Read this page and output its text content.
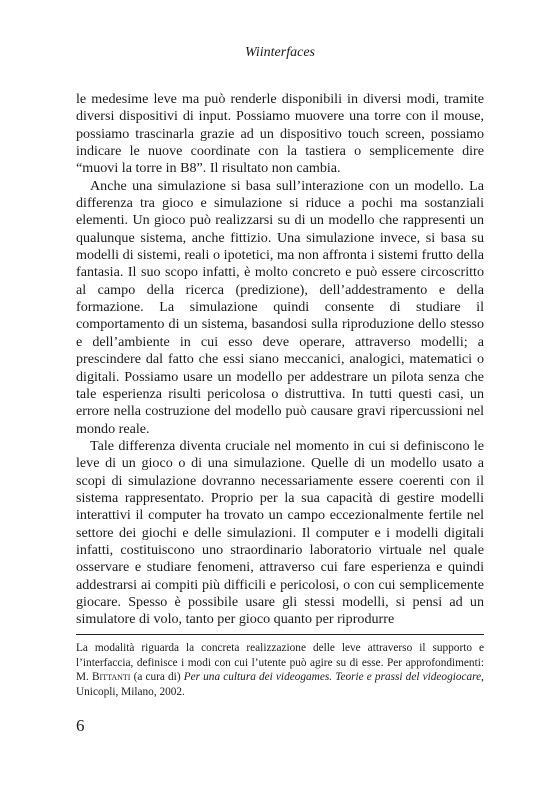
Wiinterfaces

le medesime leve ma può renderle disponibili in diversi modi, tramite diversi dispositivi di input. Possiamo muovere una torre con il mouse, possiamo trascinarla grazie ad un dispositivo touch screen, possiamo indicare le nuove coordinate con la tastiera o semplicemente dire “muovi la torre in B8”. Il risultato non cambia.

Anche una simulazione si basa sull’interazione con un modello. La differenza tra gioco e simulazione si riduce a pochi ma sostanziali elementi. Un gioco può realizzarsi su di un modello che rappresenti un qualunque sistema, anche fittizio. Una simulazione invece, si basa su modelli di sistemi, reali o ipotetici, ma non affronta i sistemi frutto della fantasia. Il suo scopo infatti, è molto concreto e può essere circoscritto al campo della ricerca (predizione), dell’addestramento e della formazione. La simulazione quindi consente di studiare il comportamento di un sistema, basandosi sulla riproduzione dello stesso e dell’ambiente in cui esso deve operare, attraverso modelli; a prescindere dal fatto che essi siano meccanici, analogici, matematici o digitali. Possiamo usare un modello per addestrare un pilota senza che tale esperienza risulti pericolosa o distruttiva. In tutti questi casi, un errore nella costruzione del modello può causare gravi ripercussioni nel mondo reale.

Tale differenza diventa cruciale nel momento in cui si definiscono le leve di un gioco o di una simulazione. Quelle di un modello usato a scopi di simulazione dovranno necessariamente essere coerenti con il sistema rappresentato. Proprio per la sua capacità di gestire modelli interattivi il computer ha trovato un campo eccezionalmente fertile nel settore dei giochi e delle simulazioni. Il computer e i modelli digitali infatti, costituiscono uno straordinario laboratorio virtuale nel quale osservare e studiare fenomeni, attraverso cui fare esperienza e quindi addestrarsi ai compiti più difficili e pericolosi, o con cui semplicemente giocare. Spesso è possibile usare gli stessi modelli, si pensi ad un simulatore di volo, tanto per gioco quanto per riprodurre

La modalità riguarda la concreta realizzazione delle leve attraverso il supporto e l’interfaccia, definisce i modi con cui l’utente può agire su di esse. Per approfondimenti: M. Bittanti (a cura di) Per una cultura dei videogames. Teorie e prassi del videogiocare, Unicopli, Milano, 2002.
6
